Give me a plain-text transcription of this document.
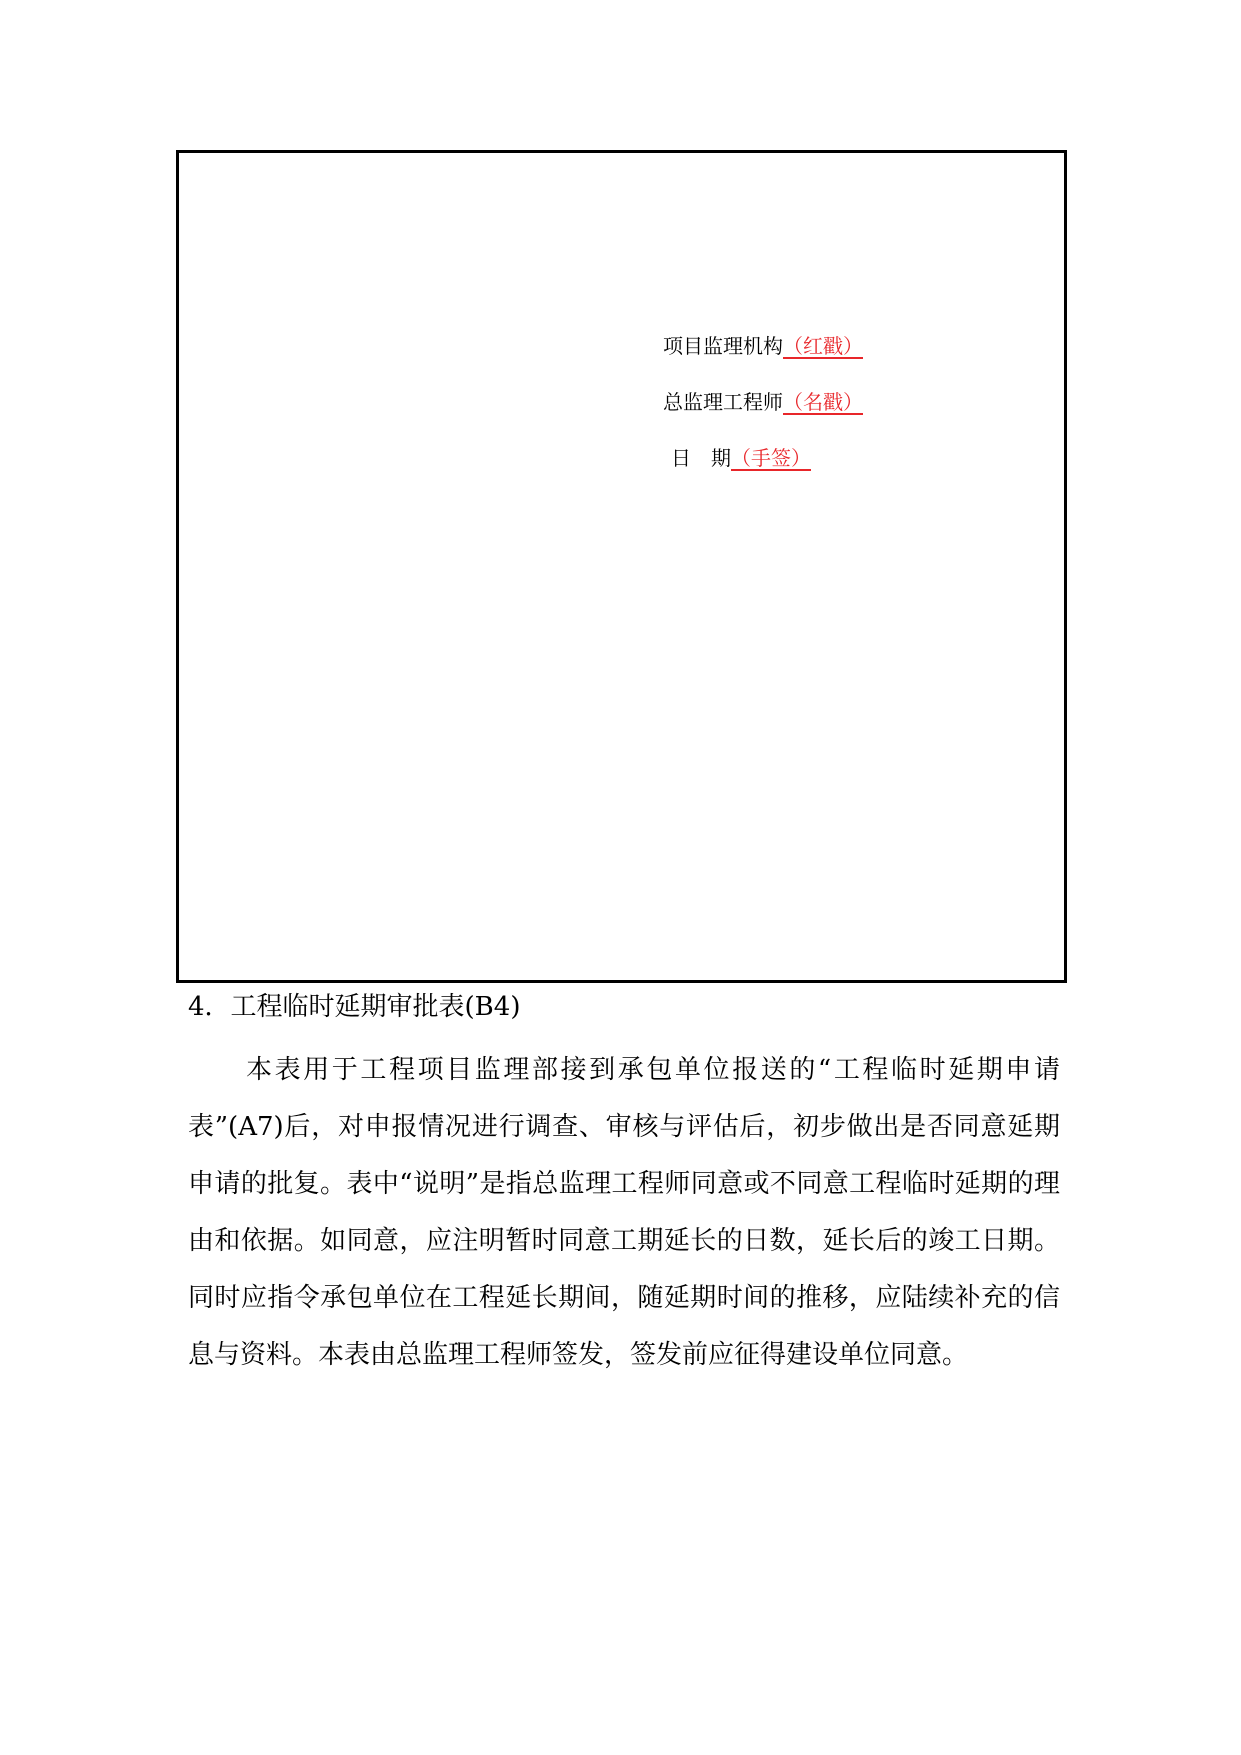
项目监理机构（红戳）
总监理工程师（名戳）
日　期（手签）
4．工程临时延期审批表(B4)

本表用于工程项目监理部接到承包单位报送的“工程临时延期申请表”(A7)后，对申报情况进行调查、审核与评估后，初步做出是否同意延期申请的批复。表中“说明”是指总监理工程师同意或不同意工程临时延期的理由和依据。如同意，应注明暂时同意工期延长的日数，延长后的竣工日期。同时应指令承包单位在工程延长期间，随延期时间的推移，应陆续补充的信息与资料。本表由总监理工程师签发，签发前应征得建设单位同意。
